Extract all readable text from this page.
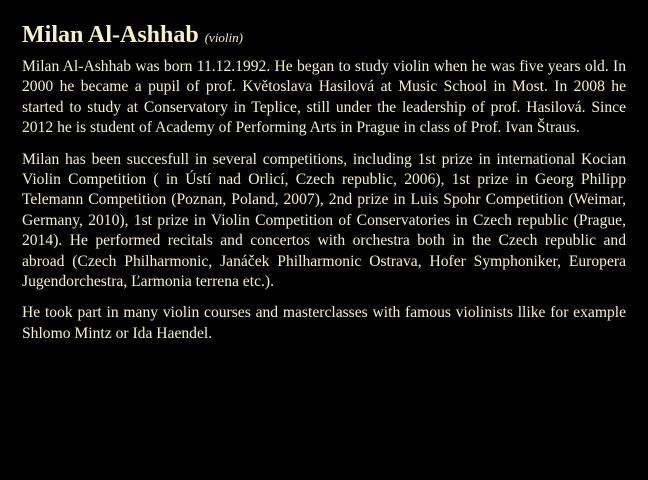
Milan Al-Ashhab (violin)

Milan Al-Ashhab was born 11.12.1992. He began to study violin when he was five years old. In 2000 he became a pupil of prof. Květoslava Hasilová at Music School in Most. In 2008 he started to study at Conservatory in Teplice, still under the leadership of prof. Hasilová. Since 2012 he is student of Academy of Performing Arts in Prague in class of Prof. Ivan Štraus.

Milan has been succesfull in several competitions, including 1st prize in international Kocian Violin Competition ( in Ústí nad Orlicí, Czech republic, 2006), 1st prize in Georg Philipp Telemann Competition (Poznan, Poland, 2007), 2nd prize in Luis Spohr Competition (Weimar, Germany, 2010), 1st prize in Violin Competition of Conservatories in Czech republic (Prague, 2014). He performed recitals and concertos with orchestra both in the Czech republic and abroad (Czech Philharmonic, Janáček Philharmonic Ostrava, Hofer Symphoniker, Europera Jugendorchestra, Ľarmonia terrena etc.).

He took part in many violin courses and masterclasses with famous violinists llike for example Shlomo Mintz or Ida Haendel.
